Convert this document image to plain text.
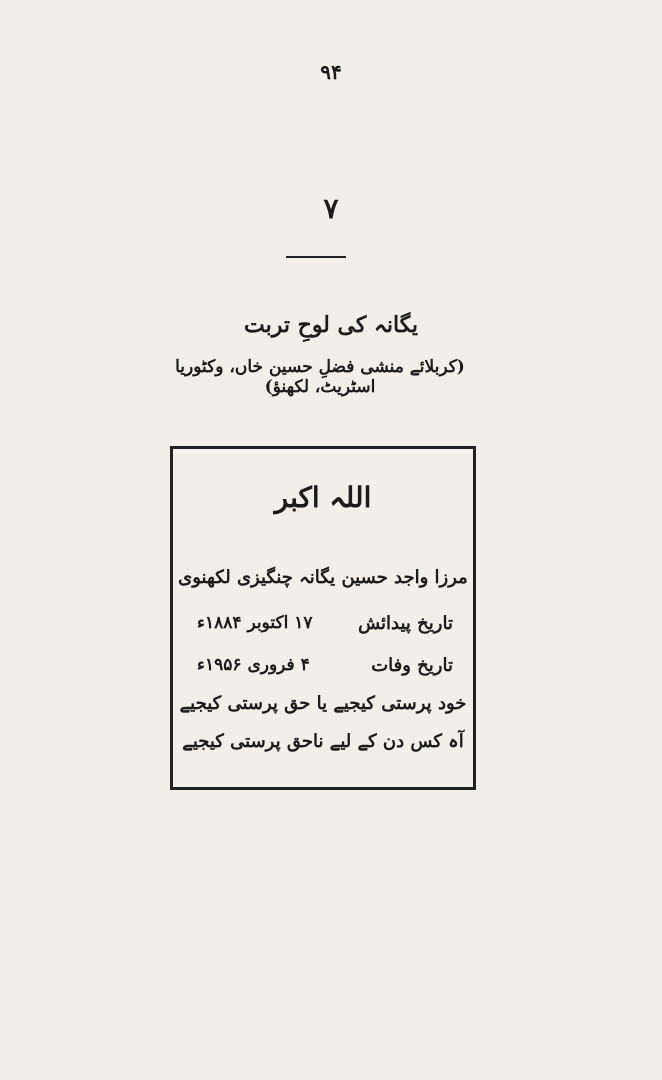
۹۴
۷
یگانہ کی لوحِ تربت
(کربلائے منشی فضلِ حسین خاں، وکٹوریا اسٹریٹ، لکھنؤ)
اللہ اکبر
مرزا واجد حسین یگانہ چنگیزی لکھنوی
تاریخ پیدائش
۱۷ اکتوبر ۱۸۸۴ء
تاریخ وفات
۴ فروری ۱۹۵۶ء
خود پرستی کیجیے یا حق پرستی کیجیے
آہ کس دن کے لیے ناحق پرستی کیجیے
